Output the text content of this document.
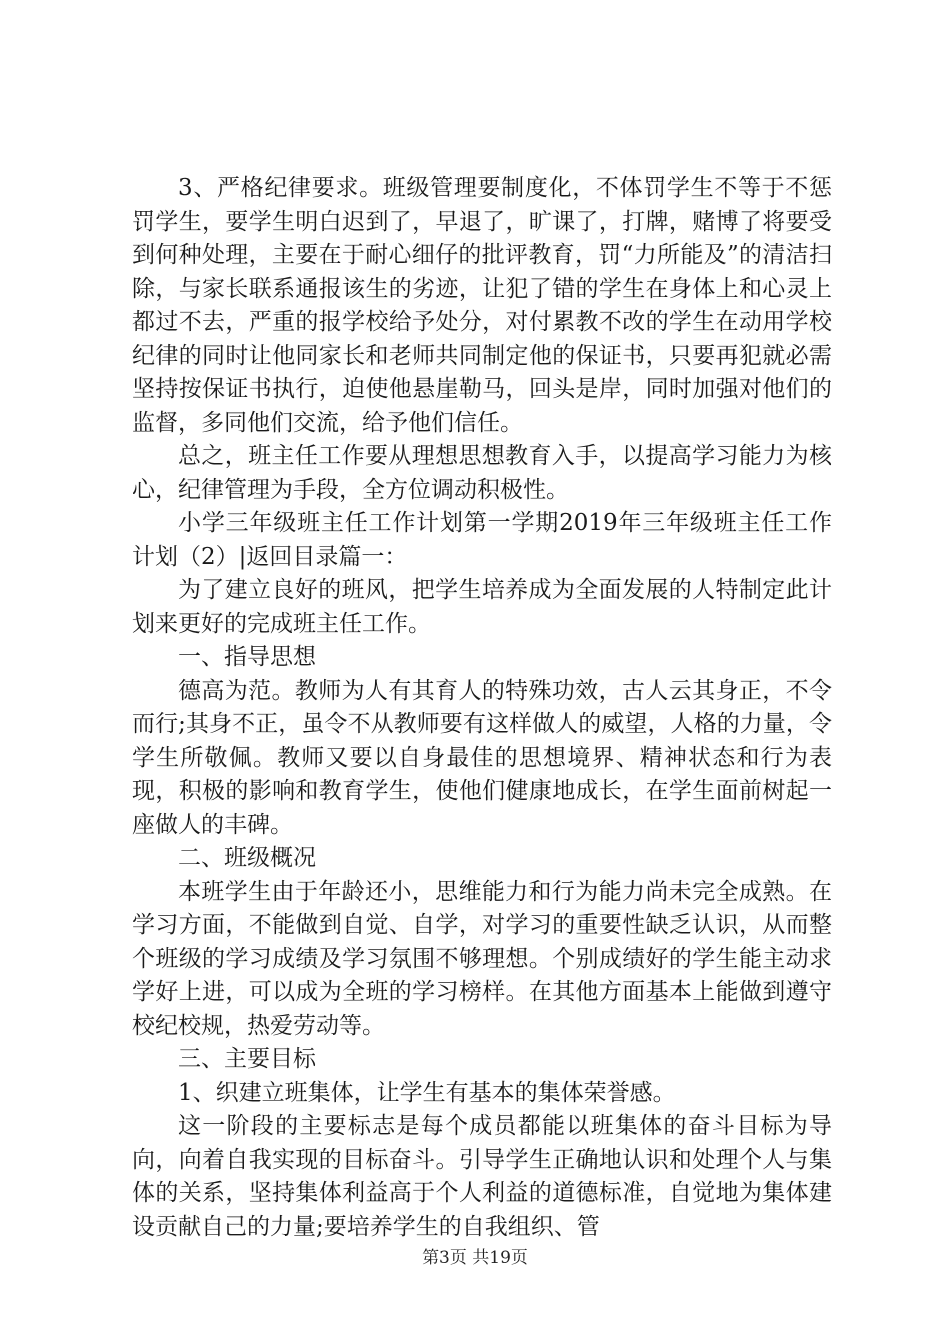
3、严格纪律要求。班级管理要制度化，不体罚学生不等于不惩罚学生，要学生明白迟到了，早退了，旷课了，打牌，赌博了将要受到何种处理，主要在于耐心细仔的批评教育，罚“力所能及”的清洁扫除，与家长联系通报该生的劣迹，让犯了错的学生在身体上和心灵上都过不去，严重的报学校给予处分，对付累教不改的学生在动用学校纪律的同时让他同家长和老师共同制定他的保证书，只要再犯就必需坚持按保证书执行，迫使他悬崖勒马，回头是岸，同时加强对他们的监督，多同他们交流，给予他们信任。

总之，班主任工作要从理想思想教育入手，以提高学习能力为核心，纪律管理为手段，全方位调动积极性。

小学三年级班主任工作计划第一学期2019年三年级班主任工作计划（2）|返回目录篇一：

为了建立良好的班风，把学生培养成为全面发展的人特制定此计划来更好的完成班主任工作。

一、指导思想

德高为范。教师为人有其育人的特殊功效，古人云其身正，不令而行;其身不正，虽令不从教师要有这样做人的威望，人格的力量，令学生所敬佩。教师又要以自身最佳的思想境界、精神状态和行为表现，积极的影响和教育学生，使他们健康地成长，在学生面前树起一座做人的丰碑。

二、班级概况

本班学生由于年龄还小，思维能力和行为能力尚未完全成熟。在学习方面，不能做到自觉、自学，对学习的重要性缺乏认识，从而整个班级的学习成绩及学习氛围不够理想。个别成绩好的学生能主动求学好上进，可以成为全班的学习榜样。在其他方面基本上能做到遵守校纪校规，热爱劳动等。

三、主要目标

1、织建立班集体，让学生有基本的集体荣誉感。

这一阶段的主要标志是每个成员都能以班集体的奋斗目标为导向，向着自我实现的目标奋斗。引导学生正确地认识和处理个人与集体的关系，坚持集体利益高于个人利益的道德标准，自觉地为集体建设贡献自己的力量;要培养学生的自我组织、管

第3页 共19页
